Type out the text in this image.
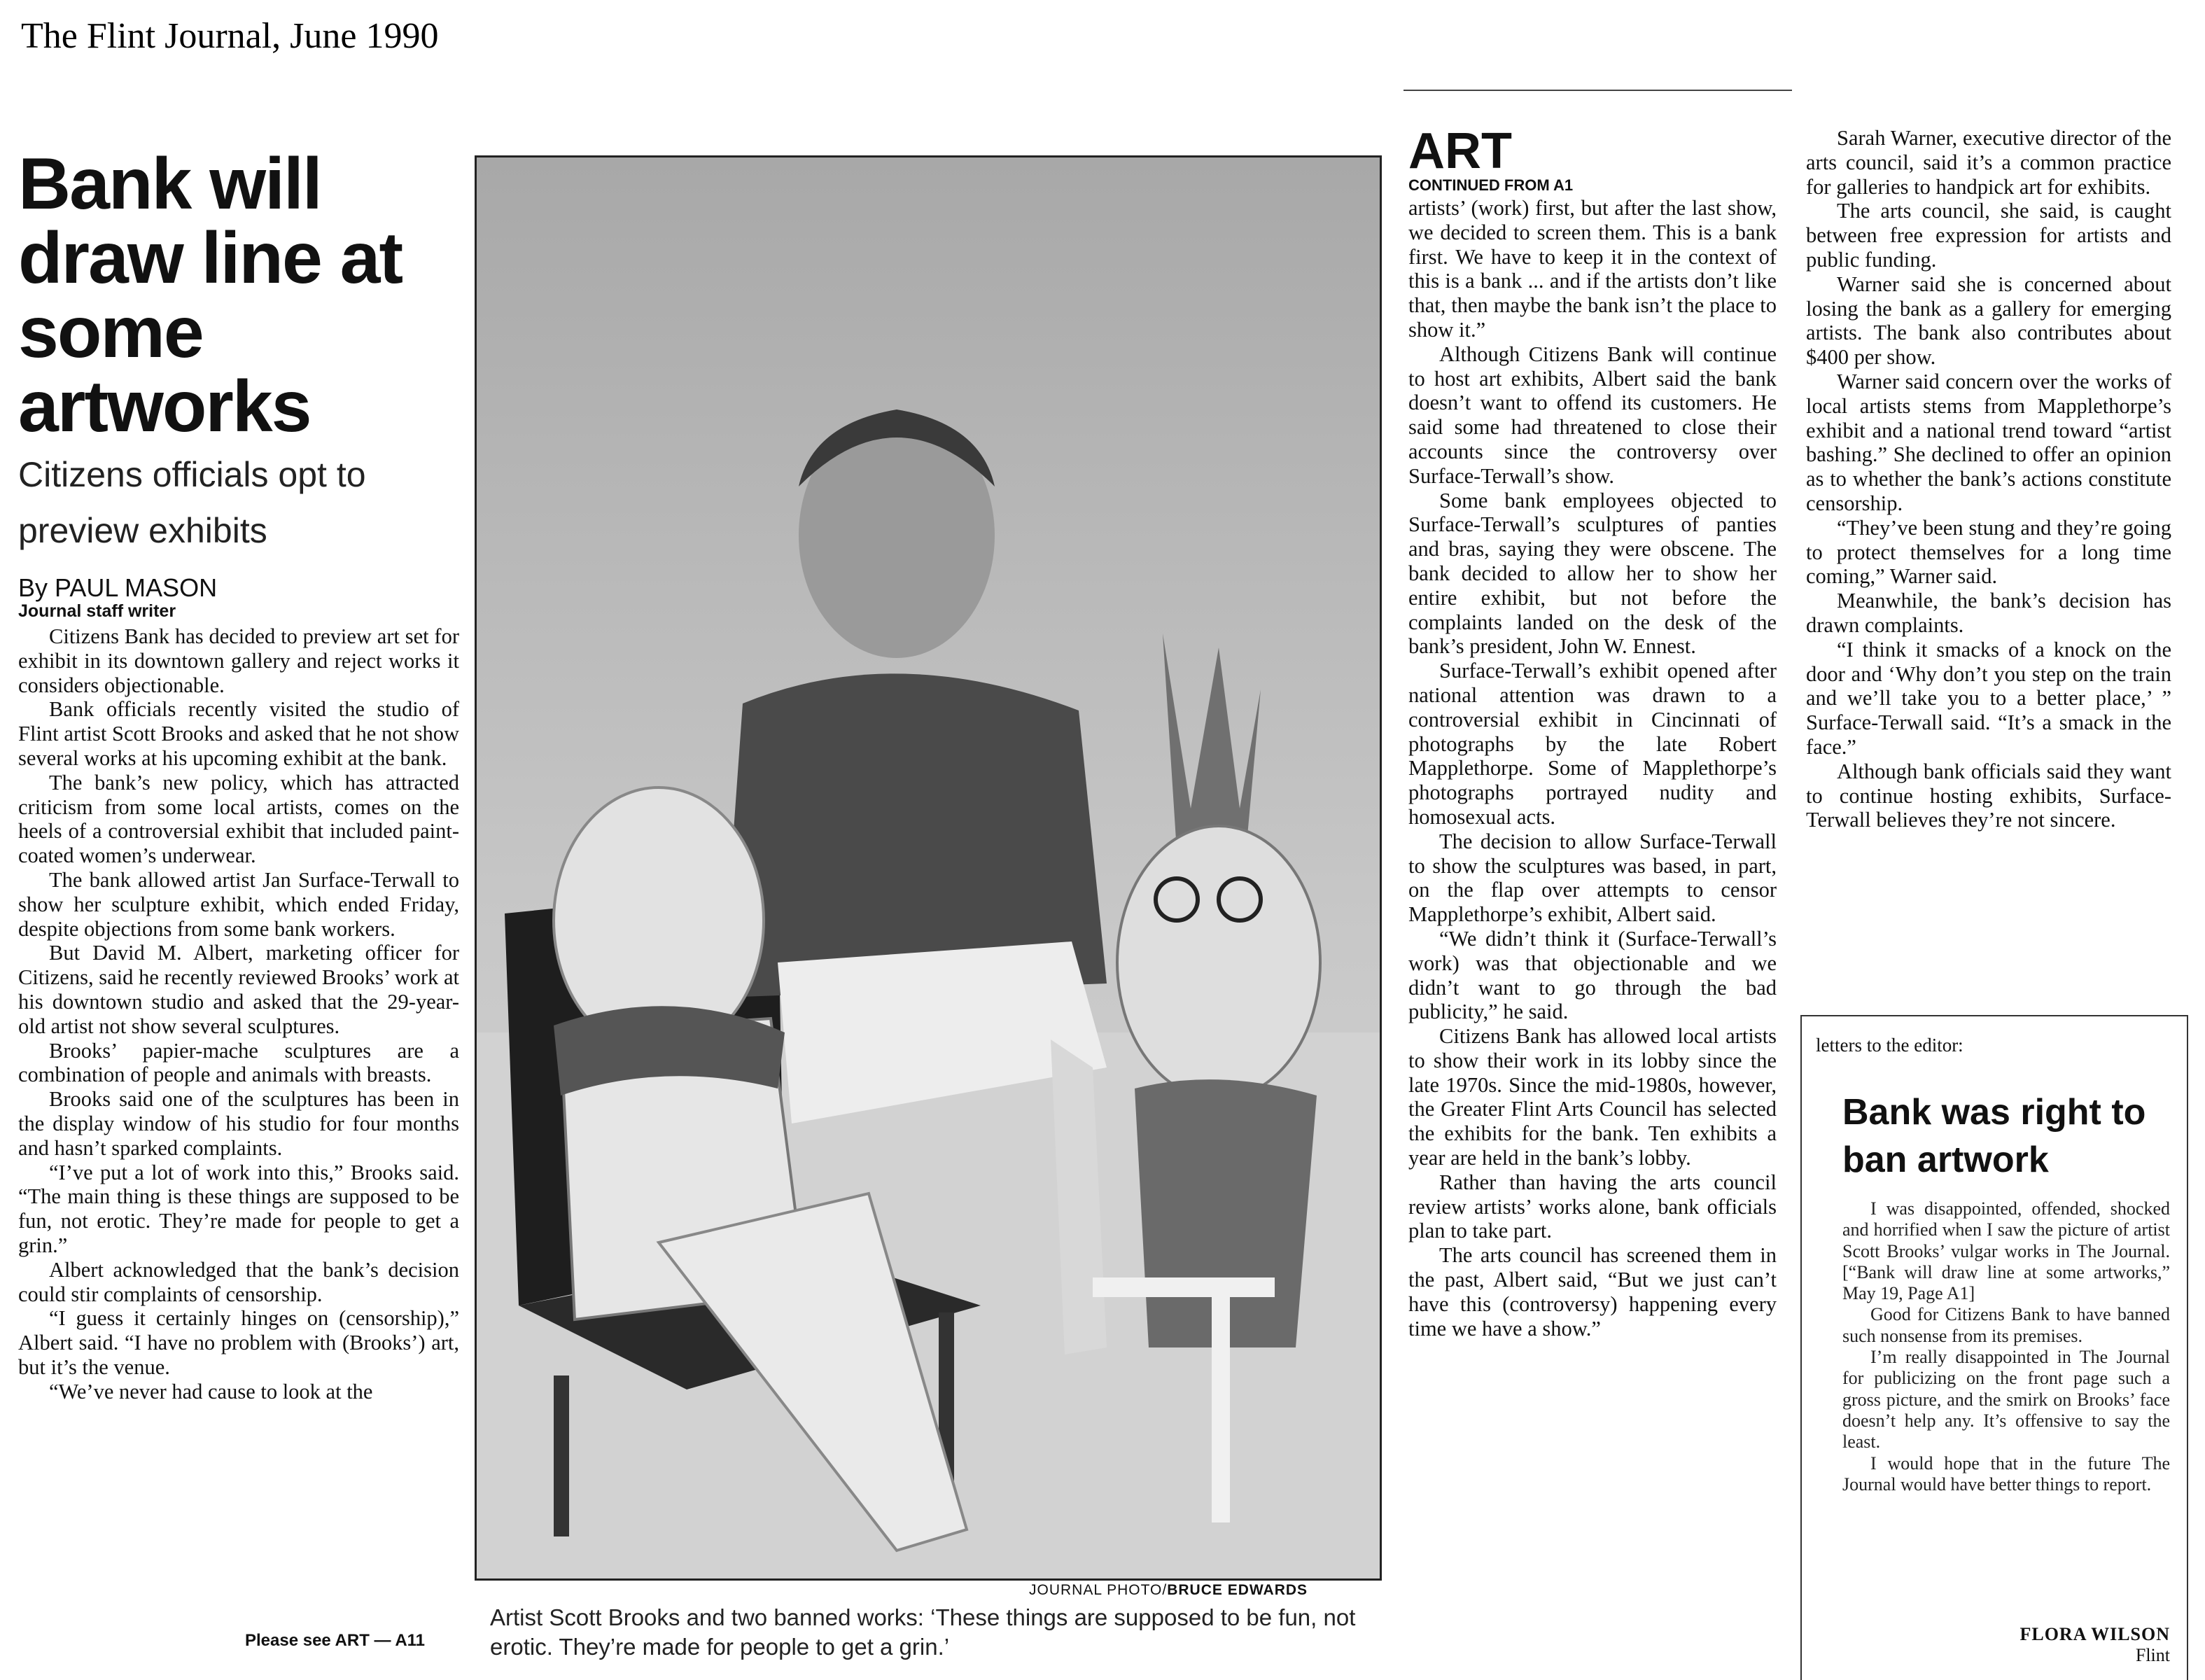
The Flint Journal, June 1990
Bank will draw line at some artworks
Citizens officials opt to preview exhibits
By PAUL MASON
Journal staff writer

Citizens Bank has decided to preview art set for exhibit in its downtown gallery and reject works it considers objectionable.

Bank officials recently visited the studio of Flint artist Scott Brooks and asked that he not show several works at his upcoming exhibit at the bank.

The bank’s new policy, which has attracted criticism from some local artists, comes on the heels of a controversial exhibit that included paint-coated women’s underwear.

The bank allowed artist Jan Surface-Terwall to show her sculpture exhibit, which ended Friday, despite objections from some bank workers.

But David M. Albert, marketing officer for Citizens, said he recently reviewed Brooks’ work at his downtown studio and asked that the 29-year-old artist not show several sculptures.

Brooks’ papier-mache sculptures are a combination of people and animals with breasts.

Brooks said one of the sculptures has been in the display window of his studio for four months and hasn’t sparked complaints.

“I’ve put a lot of work into this,” Brooks said. “The main thing is these things are supposed to be fun, not erotic. They’re made for people to get a grin.”

Albert acknowledged that the bank’s decision could stir complaints of censorship.

“I guess it certainly hinges on (censorship),” Albert said. “I have no problem with (Brooks’) art, but it’s the venue.

“We’ve never had cause to look at the

Please see ART — A11
JOURNAL PHOTO/BRUCE EDWARDS
Artist Scott Brooks and two banned works: ‘These things are supposed to be fun, not erotic. They’re made for people to get a grin.’
ART
CONTINUED FROM A1

artists’ (work) first, but after the last show, we decided to screen them. This is a bank first. We have to keep it in the context of this is a bank ... and if the artists don’t like that, then maybe the bank isn’t the place to show it.”

Although Citizens Bank will continue to host art exhibits, Albert said the bank doesn’t want to offend its customers. He said some had threatened to close their accounts since the controversy over Surface-Terwall’s show.

Some bank employees objected to Surface-Terwall’s sculptures of panties and bras, saying they were obscene. The bank decided to allow her to show her entire exhibit, but not before the complaints landed on the desk of the bank’s president, John W. Ennest.

Surface-Terwall’s exhibit opened after national attention was drawn to a controversial exhibit in Cincinnati of photographs by the late Robert Mapplethorpe. Some of Mapplethorpe’s photographs portrayed nudity and homosexual acts.

The decision to allow Surface-Terwall to show the sculptures was based, in part, on the flap over attempts to censor Mapplethorpe’s exhibit, Albert said.

“We didn’t think it (Surface-Terwall’s work) was that objectionable and we didn’t want to go through the bad publicity,” he said.

Citizens Bank has allowed local artists to show their work in its lobby since the late 1970s. Since the mid-1980s, however, the Greater Flint Arts Council has selected the exhibits for the bank. Ten exhibits a year are held in the bank’s lobby.

Rather than having the arts council review artists’ works alone, bank officials plan to take part.

The arts council has screened them in the past, Albert said, “But we just can’t have this (controversy) happening every time we have a show.”

Sarah Warner, executive director of the arts council, said it’s a common practice for galleries to handpick art for exhibits.

The arts council, she said, is caught between free expression for artists and public funding.

Warner said she is concerned about losing the bank as a gallery for emerging artists. The bank also contributes about $400 per show.

Warner said concern over the works of local artists stems from Mapplethorpe’s exhibit and a national trend toward “artist bashing.” She declined to offer an opinion as to whether the bank’s actions constitute censorship.

“They’ve been stung and they’re going to protect themselves for a long time coming,” Warner said.

Meanwhile, the bank’s decision has drawn complaints.

“I think it smacks of a knock on the door and ‘Why don’t you step on the train and we’ll take you to a better place,’ ” Surface-Terwall said. “It’s a smack in the face.”

Although bank officials said they want to continue hosting exhibits, Surface-Terwall believes they’re not sincere.

letters to the editor:
Bank was right to ban artwork

I was disappointed, offended, shocked and horrified when I saw the picture of artist Scott Brooks’ vulgar works in The Journal. [“Bank will draw line at some artworks,” May 19, Page A1]

Good for Citizens Bank to have banned such nonsense from its premises.

I’m really disappointed in The Journal for publicizing on the front page such a gross picture, and the smirk on Brooks’ face doesn’t help any. It’s offensive to say the least.

I would hope that in the future The Journal would have better things to report.

FLORA WILSON
Flint
